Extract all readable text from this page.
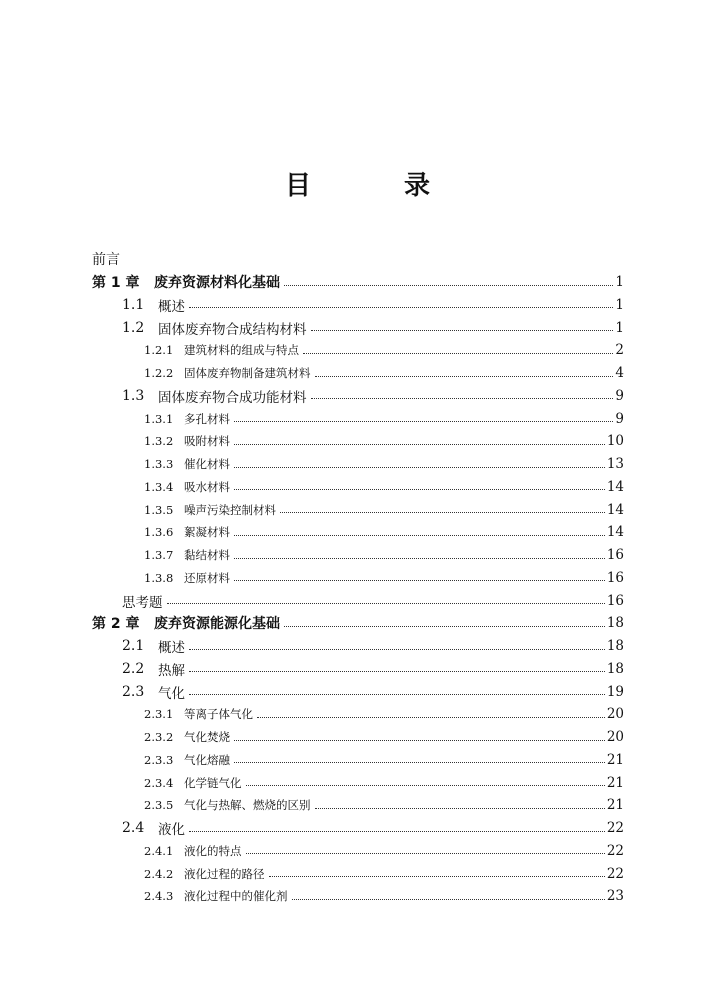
目 录
前言
第 1 章	废弃资源材料化基础	1
1.1	概述	1
1.2	固体废弃物合成结构材料	1
1.2.1 建筑材料的组成与特点	2
1.2.2 固体废弃物制备建筑材料	4
1.3	固体废弃物合成功能材料	9
1.3.1 多孔材料	9
1.3.2 吸附材料	10
1.3.3 催化材料	13
1.3.4 吸水材料	14
1.3.5 噪声污染控制材料	14
1.3.6 絮凝材料	14
1.3.7 黏结材料	16
1.3.8 还原材料	16
思考题	16
第 2 章	废弃资源能源化基础	18
2.1	概述	18
2.2	热解	18
2.3	气化	19
2.3.1 等离子体气化	20
2.3.2 气化焚烧	20
2.3.3 气化熔融	21
2.3.4 化学链气化	21
2.3.5 气化与热解、燃烧的区别	21
2.4	液化	22
2.4.1 液化的特点	22
2.4.2 液化过程的路径	22
2.4.3 液化过程中的催化剂	23
